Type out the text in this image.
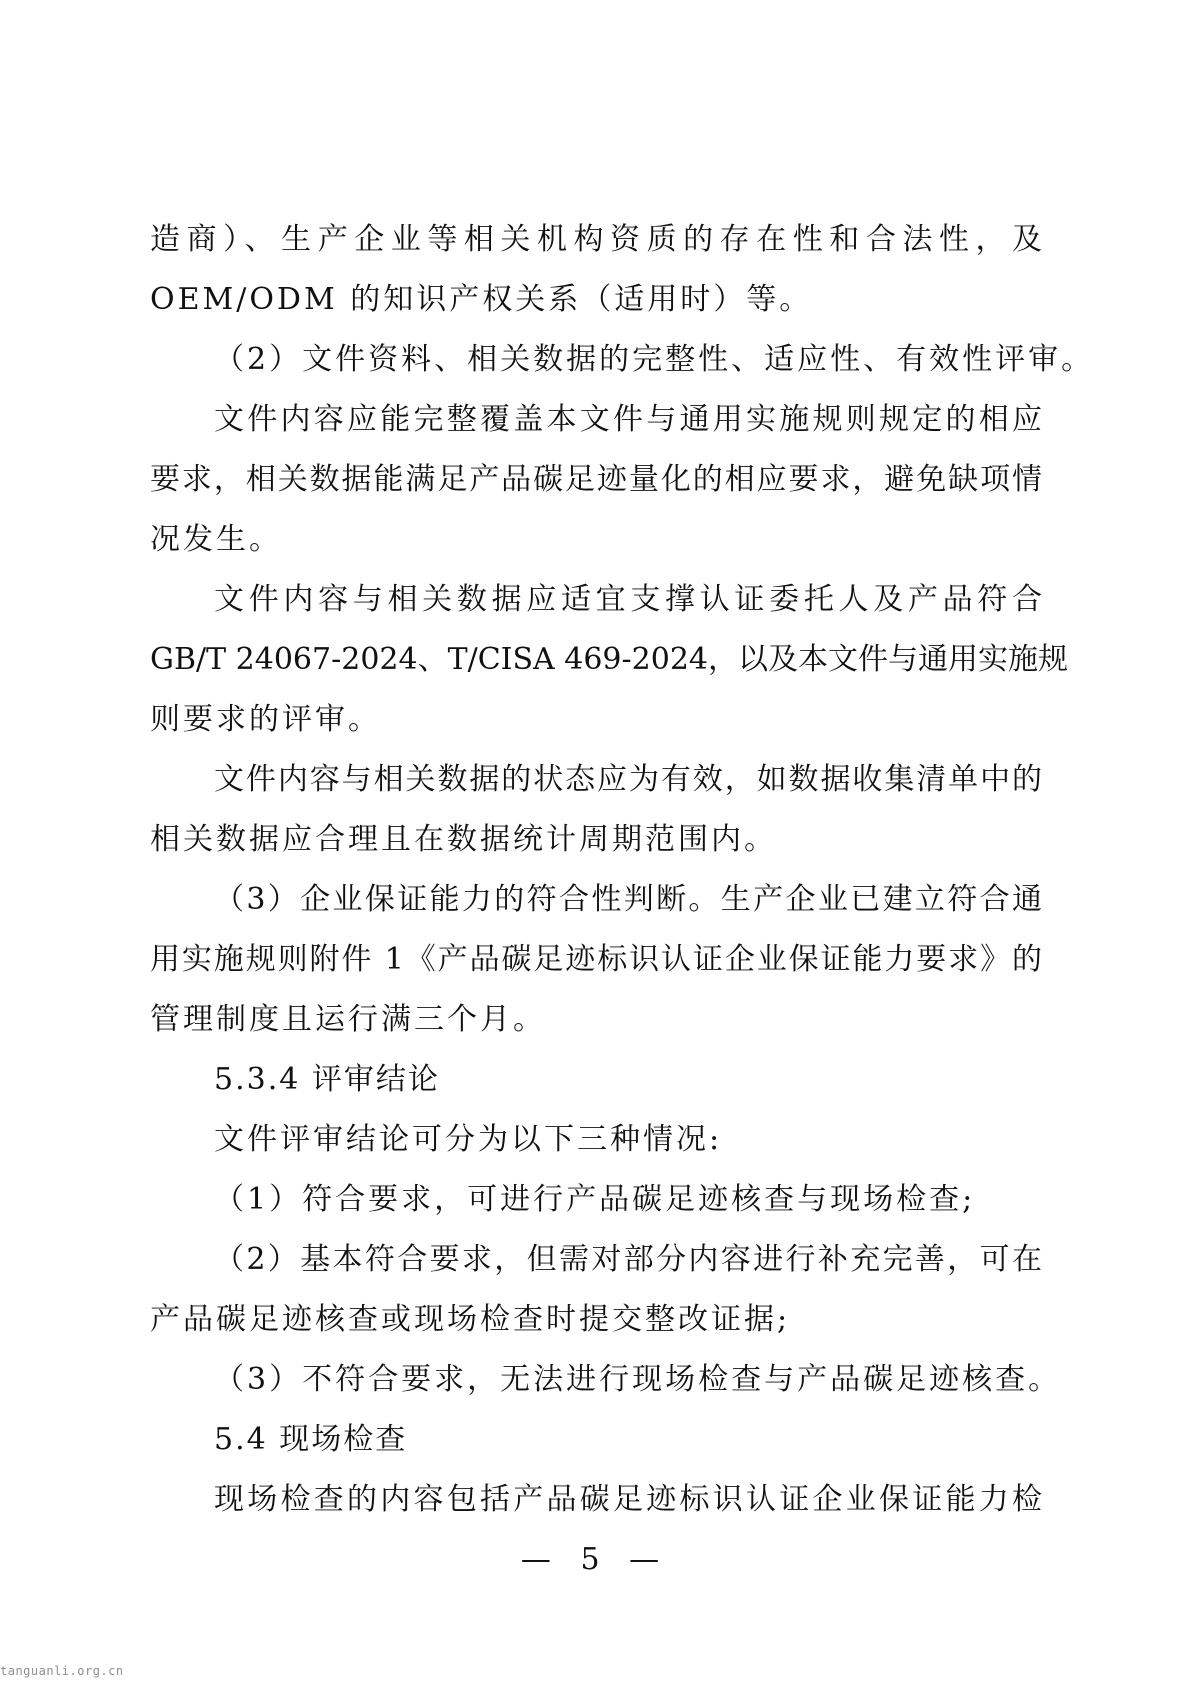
造商）、生产企业等相关机构资质的存在性和合法性，及
OEM/ODM 的知识产权关系（适用时）等。
（2）文件资料、相关数据的完整性、适应性、有效性评审。
文件内容应能完整覆盖本文件与通用实施规则规定的相应
要求，相关数据能满足产品碳足迹量化的相应要求，避免缺项情
况发生。
文件内容与相关数据应适宜支撑认证委托人及产品符合
GB/T 24067-2024、T/CISA 469-2024，以及本文件与通用实施规
则要求的评审。
文件内容与相关数据的状态应为有效，如数据收集清单中的
相关数据应合理且在数据统计周期范围内。
（3）企业保证能力的符合性判断。生产企业已建立符合通
用实施规则附件 1《产品碳足迹标识认证企业保证能力要求》的
管理制度且运行满三个月。
5.3.4 评审结论
文件评审结论可分为以下三种情况:
（1）符合要求，可进行产品碳足迹核查与现场检查;
（2）基本符合要求，但需对部分内容进行补充完善，可在
产品碳足迹核查或现场检查时提交整改证据;
（3）不符合要求，无法进行现场检查与产品碳足迹核查。
5.4 现场检查
现场检查的内容包括产品碳足迹标识认证企业保证能力检
— 5 —
tanguanli.org.cn
